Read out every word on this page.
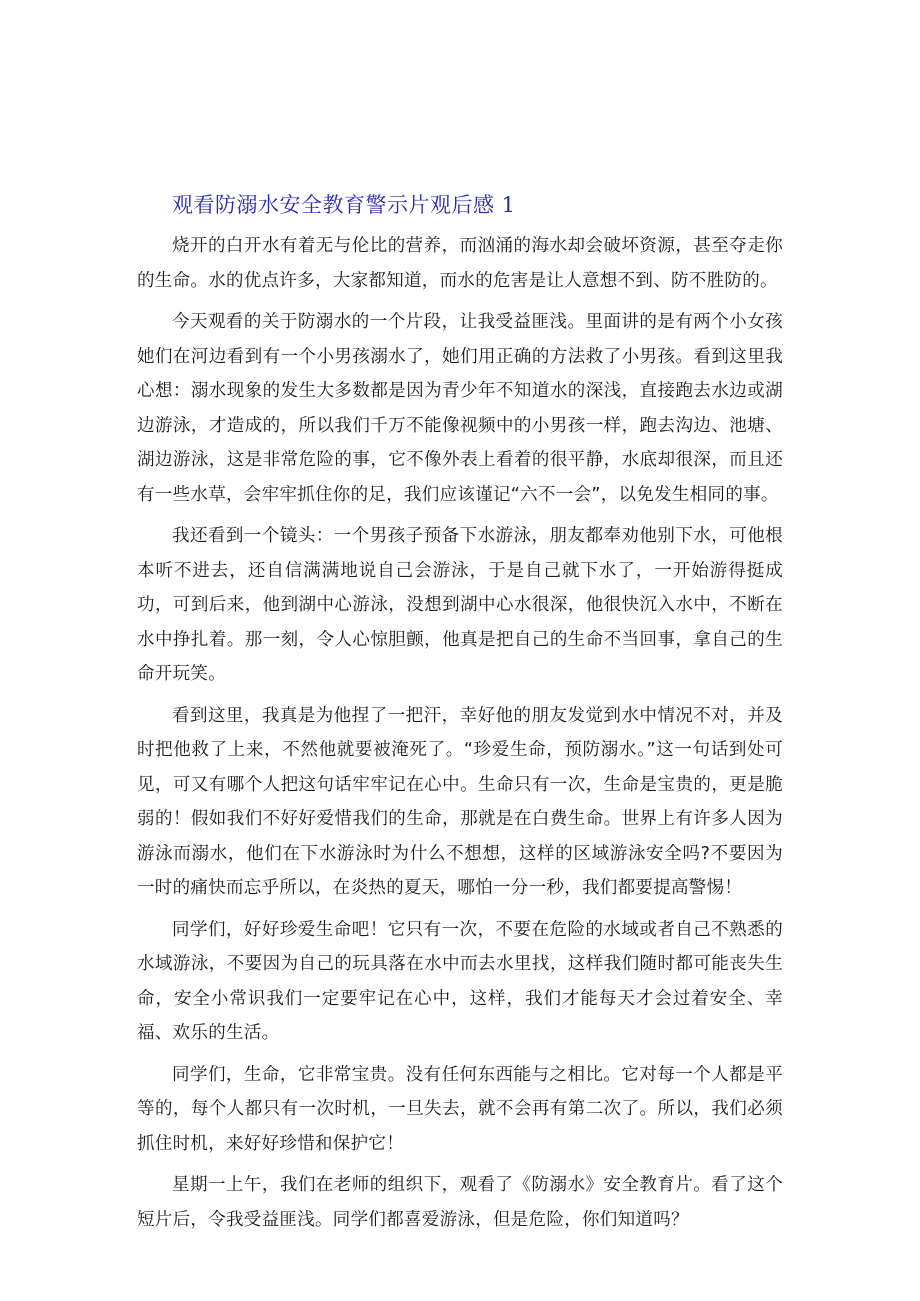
观看防溺水安全教育警示片观后感 1

烧开的白开水有着无与伦比的营养，而汹涌的海水却会破坏资源，甚至夺走你的生命。水的优点许多，大家都知道，而水的危害是让人意想不到、防不胜防的。

今天观看的关于防溺水的一个片段，让我受益匪浅。里面讲的是有两个小女孩她们在河边看到有一个小男孩溺水了，她们用正确的方法救了小男孩。看到这里我心想：溺水现象的发生大多数都是因为青少年不知道水的深浅，直接跑去水边或湖边游泳，才造成的，所以我们千万不能像视频中的小男孩一样，跑去沟边、池塘、湖边游泳，这是非常危险的事，它不像外表上看着的很平静，水底却很深，而且还有一些水草，会牢牢抓住你的足，我们应该谨记“六不一会”，以免发生相同的事。

我还看到一个镜头：一个男孩子预备下水游泳，朋友都奉劝他别下水，可他根本听不进去，还自信满满地说自己会游泳，于是自己就下水了，一开始游得挺成功，可到后来，他到湖中心游泳，没想到湖中心水很深，他很快沉入水中，不断在水中挣扎着。那一刻，令人心惊胆颤，他真是把自己的生命不当回事，拿自己的生命开玩笑。

看到这里，我真是为他捏了一把汗，幸好他的朋友发觉到水中情况不对，并及时把他救了上来，不然他就要被淹死了。“珍爱生命，预防溺水。”这一句话到处可见，可又有哪个人把这句话牢牢记在心中。生命只有一次，生命是宝贵的，更是脆弱的！假如我们不好好爱惜我们的生命，那就是在白费生命。世界上有许多人因为游泳而溺水，他们在下水游泳时为什么不想想，这样的区域游泳安全吗?不要因为一时的痛快而忘乎所以，在炎热的夏天，哪怕一分一秒，我们都要提高警惕！

同学们，好好珍爱生命吧！它只有一次，不要在危险的水域或者自己不熟悉的水域游泳，不要因为自己的玩具落在水中而去水里找，这样我们随时都可能丧失生命，安全小常识我们一定要牢记在心中，这样，我们才能每天才会过着安全、幸福、欢乐的生活。

同学们，生命，它非常宝贵。没有任何东西能与之相比。它对每一个人都是平等的，每个人都只有一次时机，一旦失去，就不会再有第二次了。所以，我们必须抓住时机，来好好珍惜和保护它！

星期一上午，我们在老师的组织下，观看了《防溺水》安全教育片。看了这个短片后，令我受益匪浅。同学们都喜爱游泳，但是危险，你们知道吗？
